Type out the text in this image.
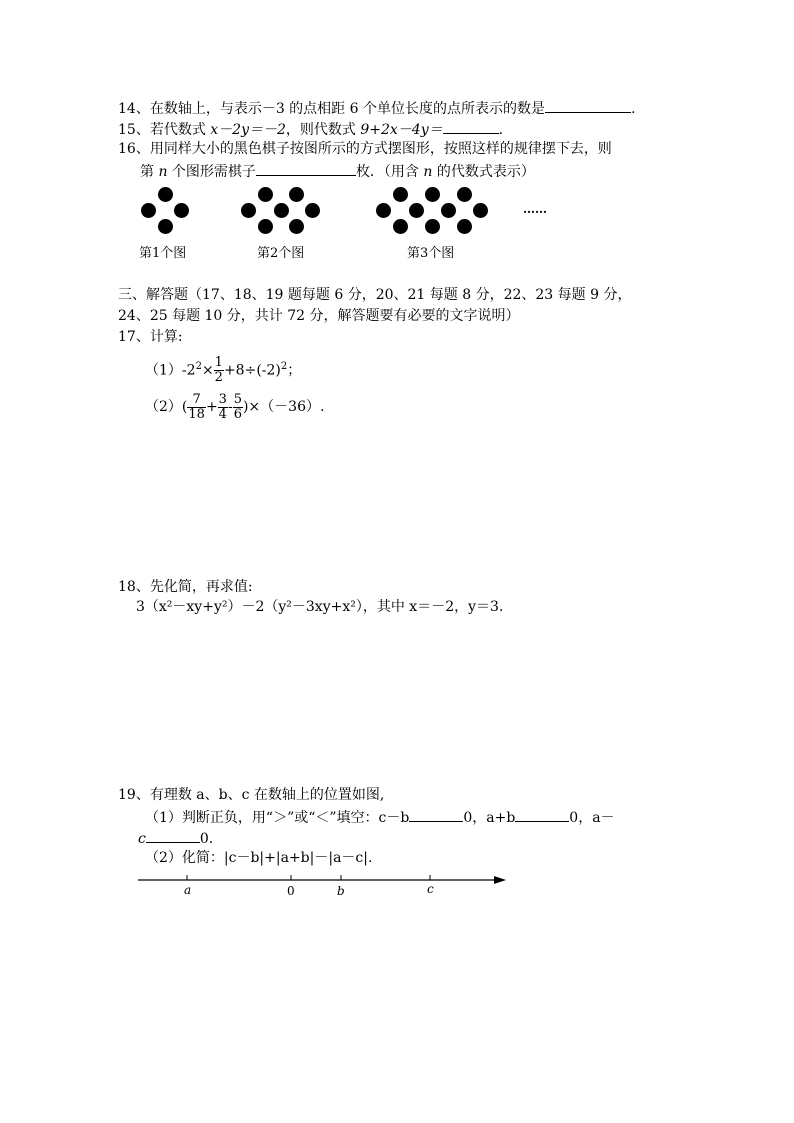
14、在数轴上，与表示－3 的点相距 6 个单位长度的点所表示的数是	.
15、若代数式 x－2y＝－2，则代数式 9+2x－4y＝	.
16、用同样大小的黑色棋子按图所示的方式摆图形，按照这样的规律摆下去，则
第 n 个图形需棋子	枚．（用含 n 的代数式表示）
……
第1个图	第2个图	第3个图
三、解答题（17、18、19 题每题 6 分，20、21 每题 8 分，22、23 每题 9 分，
24、25 每题 10 分，共计 72 分，解答题要有必要的文字说明）
17、计算:
$(1)-2^2\times \frac{1}{2} +8\div(-2)^2$；
$(2)( \frac{7}{18} + \frac{3}{4} - \frac{5}{6} )\times(-36)$.
18、先化简，再求值:
3（x²－xy+y²）－2（y²－3xy+x²），其中 x＝－2，y＝3.
19、有理数 a、b、c 在数轴上的位置如图,
（1）判断正负，用“＞”或“＜”填空：c－b	0，a+b	0，a－
c	0.
（2）化简：|c－b|+|a+b|－|a－c|.
a	0	b	c
